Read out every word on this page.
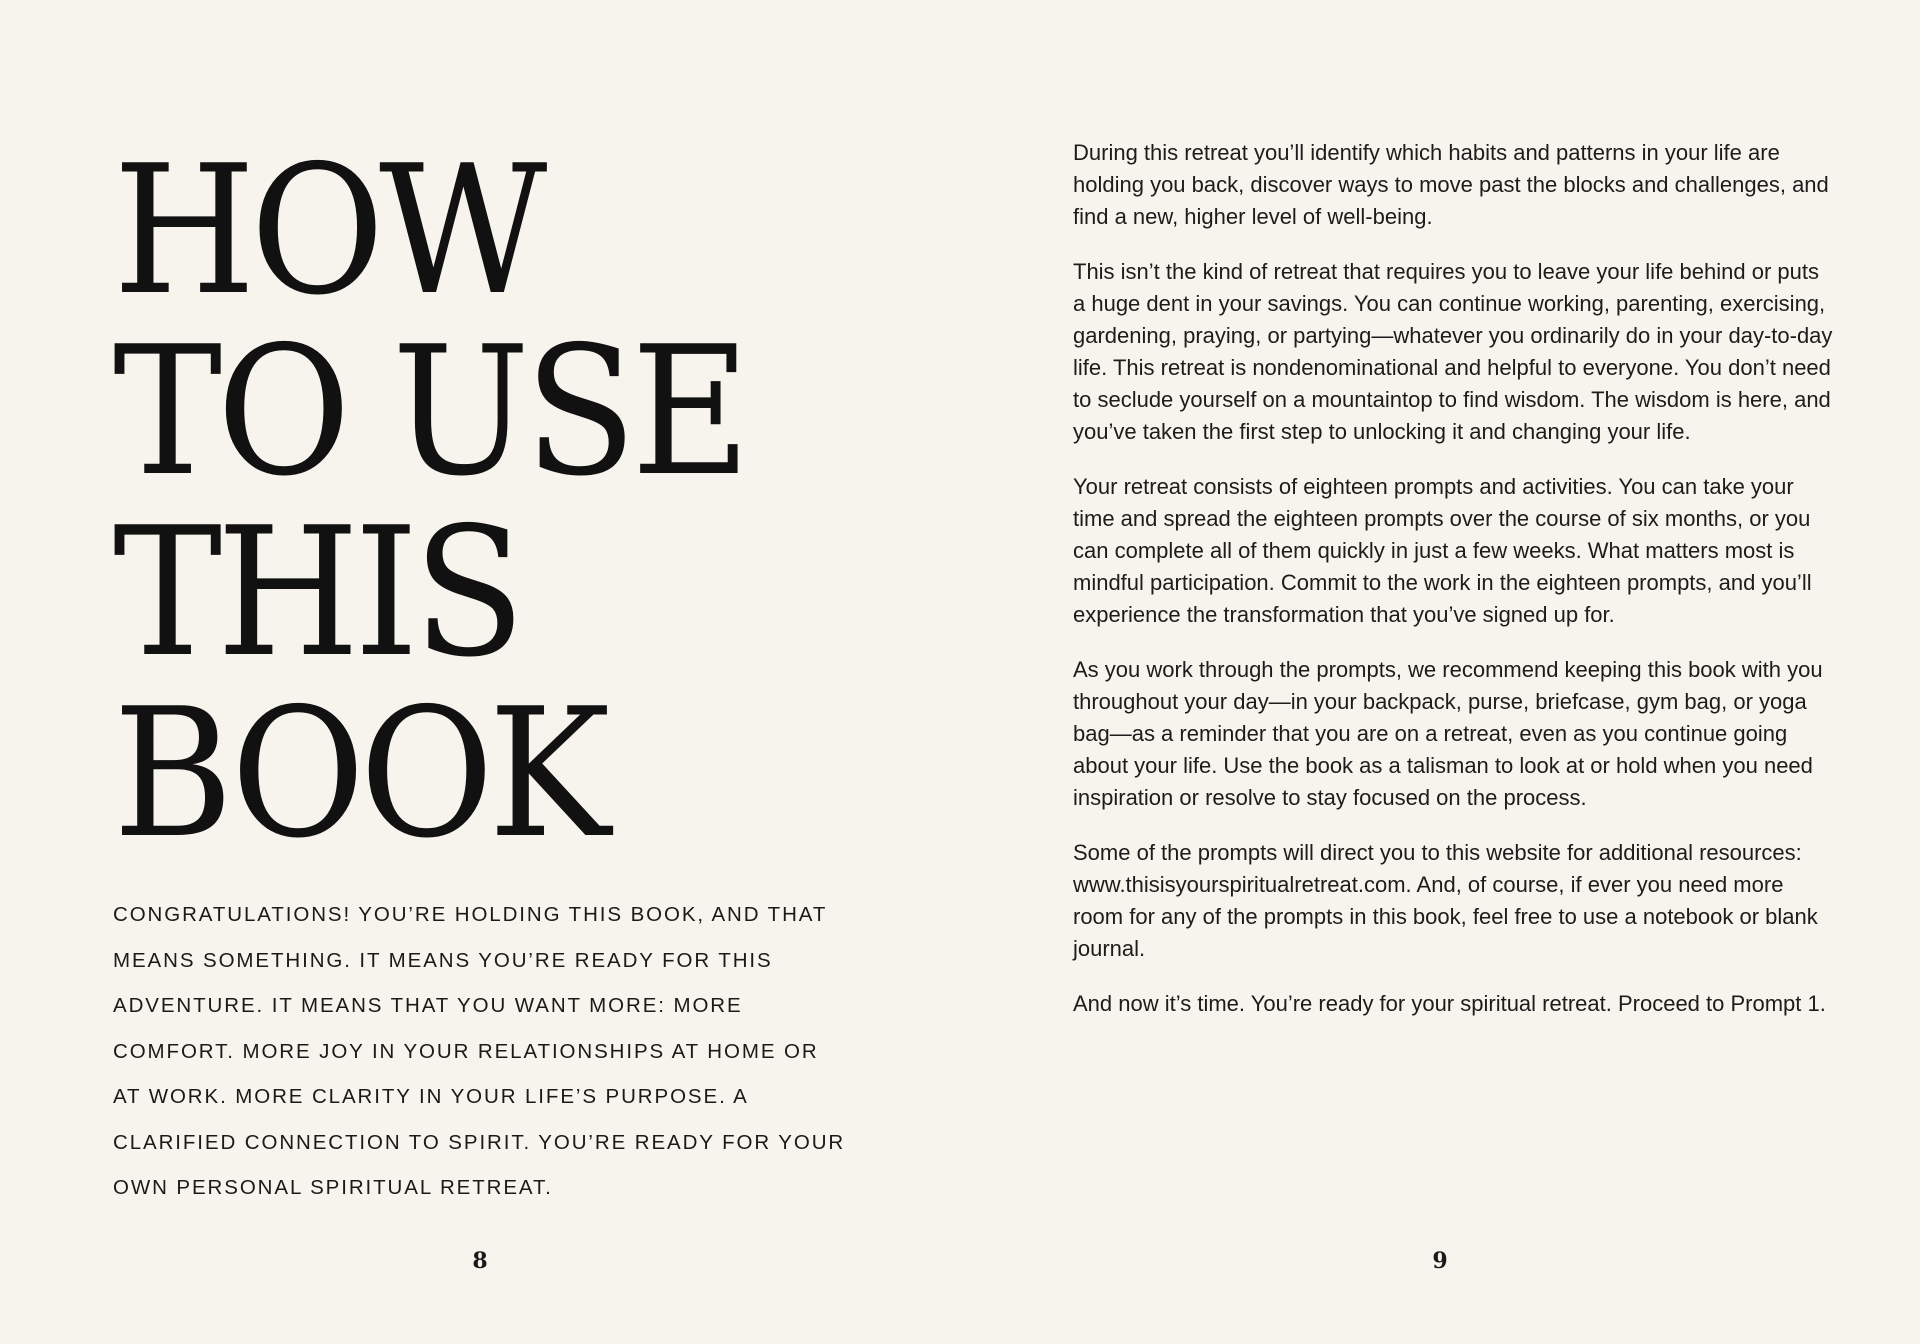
HOW
TO USE
THIS
BOOK

CONGRATULATIONS! YOU’RE HOLDING THIS BOOK, AND THAT MEANS SOMETHING. IT MEANS YOU’RE READY FOR THIS ADVENTURE. IT MEANS THAT YOU WANT MORE: MORE COMFORT. MORE JOY IN YOUR RELATIONSHIPS AT HOME OR AT WORK. MORE CLARITY IN YOUR LIFE’S PURPOSE. A CLARIFIED CONNECTION TO SPIRIT. YOU’RE READY FOR YOUR OWN PERSONAL SPIRITUAL RETREAT.

8

During this retreat you’ll identify which habits and patterns in your life are holding you back, discover ways to move past the blocks and challenges, and find a new, higher level of well-being.

This isn’t the kind of retreat that requires you to leave your life behind or puts a huge dent in your savings. You can continue working, parenting, exercising, gardening, praying, or partying—whatever you ordinarily do in your day-to-day life. This retreat is nondenominational and helpful to everyone. You don’t need to seclude yourself on a mountaintop to find wisdom. The wisdom is here, and you’ve taken the first step to unlocking it and changing your life.

Your retreat consists of eighteen prompts and activities. You can take your time and spread the eighteen prompts over the course of six months, or you can complete all of them quickly in just a few weeks. What matters most is mindful participation. Commit to the work in the eighteen prompts, and you’ll experience the transformation that you’ve signed up for.

As you work through the prompts, we recommend keeping this book with you throughout your day—in your backpack, purse, briefcase, gym bag, or yoga bag—as a reminder that you are on a retreat, even as you continue going about your life. Use the book as a talisman to look at or hold when you need inspiration or resolve to stay focused on the process.

Some of the prompts will direct you to this website for additional resources: www.thisisyourspiritualretreat.com. And, of course, if ever you need more room for any of the prompts in this book, feel free to use a notebook or blank journal.

And now it’s time. You’re ready for your spiritual retreat. Proceed to Prompt 1.

9
